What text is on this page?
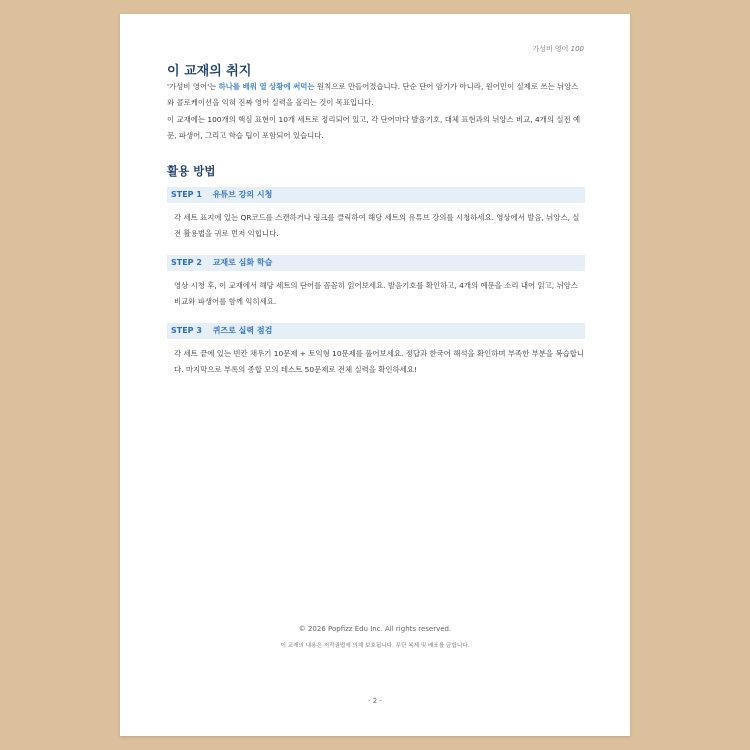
가성비 영어 100
이 교재의 취지

'가성비 영어'는 하나를 배워 열 상황에 써먹는 원칙으로 만들어졌습니다. 단순 단어 암기가 아니라, 원어민이 실제로 쓰는 뉘앙스와 콜로케이션을 익혀 진짜 영어 실력을 올리는 것이 목표입니다.

이 교재에는 100개의 핵심 표현이 10개 세트로 정리되어 있고, 각 단어마다 발음기호, 대체 표현과의 뉘앙스 비교, 4개의 실전 예문, 파생어, 그리고 학습 팁이 포함되어 있습니다.

활용 방법
STEP 1 유튜브 강의 시청
각 세트 표지에 있는 QR코드를 스캔하거나 링크를 클릭하여 해당 세트의 유튜브 강의를 시청하세요. 영상에서 발음, 뉘앙스, 실전 활용법을 귀로 먼저 익힙니다.
STEP 2 교재로 심화 학습
영상 시청 후, 이 교재에서 해당 세트의 단어를 꼼꼼히 읽어보세요. 발음기호를 확인하고, 4개의 예문을 소리 내어 읽고, 뉘앙스 비교와 파생어를 함께 익히세요.
STEP 3 퀴즈로 실력 점검
각 세트 끝에 있는 빈칸 채우기 10문제 + 토익형 10문제를 풀어보세요. 정답과 한국어 해석을 확인하며 부족한 부분을 복습합니다. 마지막으로 부록의 종합 모의 테스트 50문제로 전체 실력을 확인하세요!
© 2026 Popfizz Edu Inc. All rights reserved.
이 교재의 내용은 저작권법에 의해 보호됩니다. 무단 복제 및 배포를 금합니다.
- 2 -
